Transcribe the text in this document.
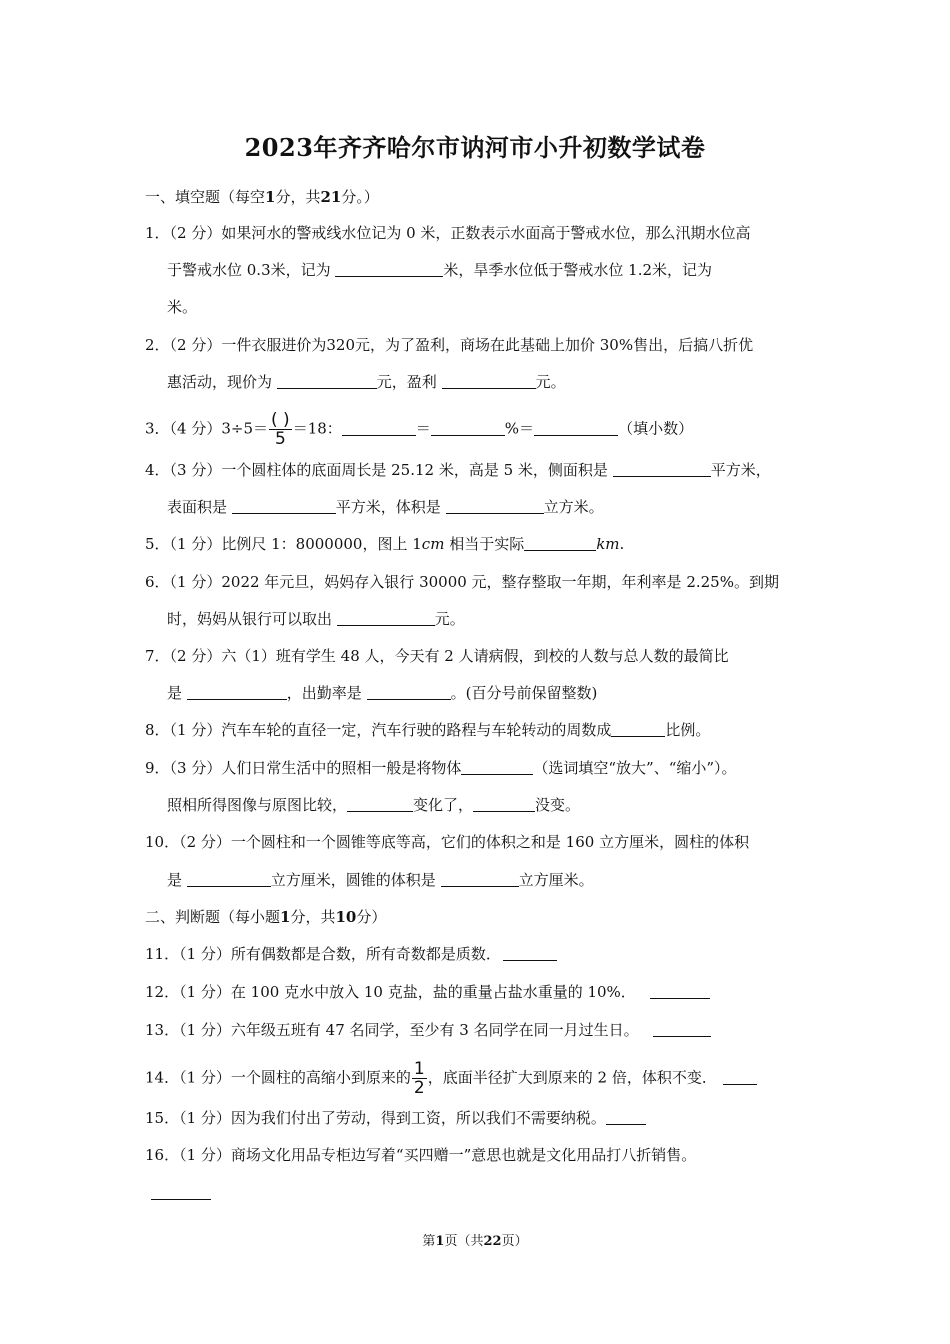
2023年齐齐哈尔市讷河市小升初数学试卷
一、填空题（每空1分，共21分。）
1．（2 分）如果河水的警戒线水位记为 0 米，正数表示水面高于警戒水位，那么汛期水位高
于警戒水位 0.3米，记为	米，旱季水位低于警戒水位 1.2米，记为
米。
2．（2 分）一件衣服进价为320元，为了盈利，商场在此基础上加价 30%售出，后搞八折优
惠活动，现价为	元，盈利	元。
3．（4 分）$3\div 5= \frac{( )}{5} =18$：	＝	%＝	（填小数）
4．（3 分）一个圆柱体的底面周长是 25.12 米，高是 5 米，侧面积是	平方米，
表面积是	平方米，体积是	立方米。
5．（1 分）比例尺 1：8000000，图上 1cm 相当于实际	km.
6．（1 分）2022 年元旦，妈妈存入银行 30000 元，整存整取一年期，年利率是 2.25%。到期
时，妈妈从银行可以取出	元。
7．（2 分）六（1）班有学生 48 人，今天有 2 人请病假，到校的人数与总人数的最简比
是	，出勤率是	。(百分号前保留整数)
8．（1 分）汽车车轮的直径一定，汽车行驶的路程与车轮转动的周数成	比例。
9．（3 分）人们日常生活中的照相一般是将物体	（选词填空“放大”、“缩小”）。
照相所得图像与原图比较，	变化了，	没变。
10．（2 分）一个圆柱和一个圆锥等底等高，它们的体积之和是 160 立方厘米，圆柱的体积
是	立方厘米，圆锥的体积是	立方厘米。
二、判断题（每小题1分，共10分）
11．（1 分）所有偶数都是合数，所有奇数都是质数．
12．（1 分）在 100 克水中放入 10 克盐，盐的重量占盐水重量的 10%．
13．（1 分）六年级五班有 47 名同学，至少有 3 名同学在同一月过生日。
14．（1 分）一个圆柱的高缩小到原来的 $\frac{1}{2}$ ，底面半径扩大到原来的 2 倍，体积不变．
15．（1 分）因为我们付出了劳动，得到工资，所以我们不需要纳税。
16．（1 分）商场文化用品专柜边写着“买四赠一”意思也就是文化用品打八折销售。
第1页（共22页）
